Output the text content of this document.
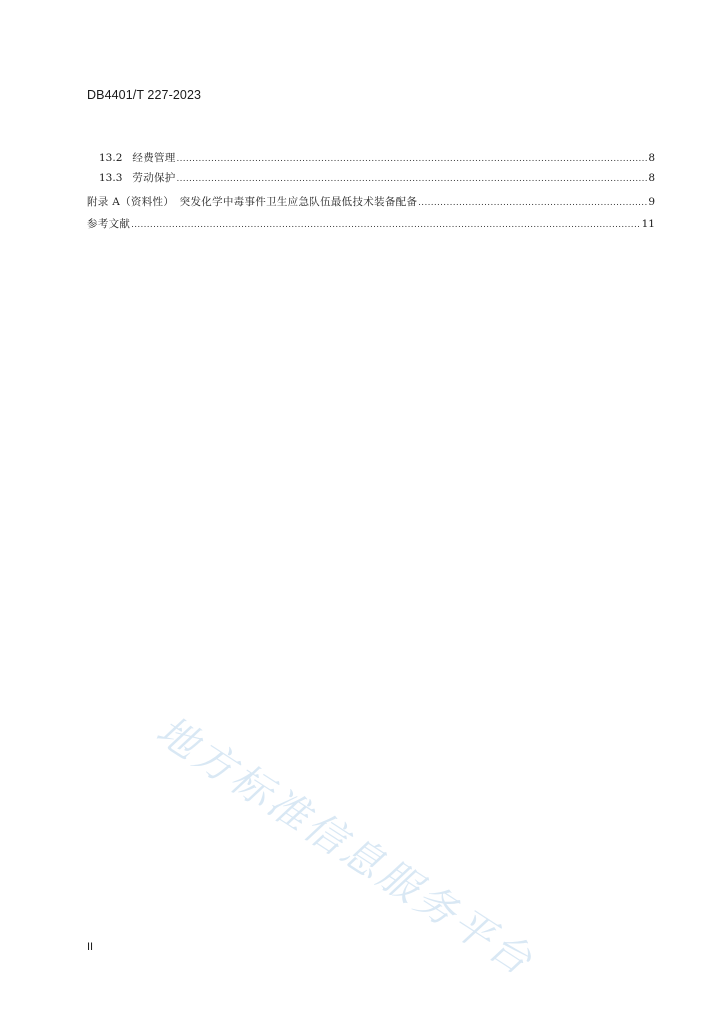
DB4401/T 227-2023
13.2 经费管理 .....	8
13.3 劳动保护 .....	8
附录 A（资料性）　突发化学中毒事件卫生应急队伍最低技术装备配备 .....	9
参考文献 .....	11
地方标准信息服务平台
II
